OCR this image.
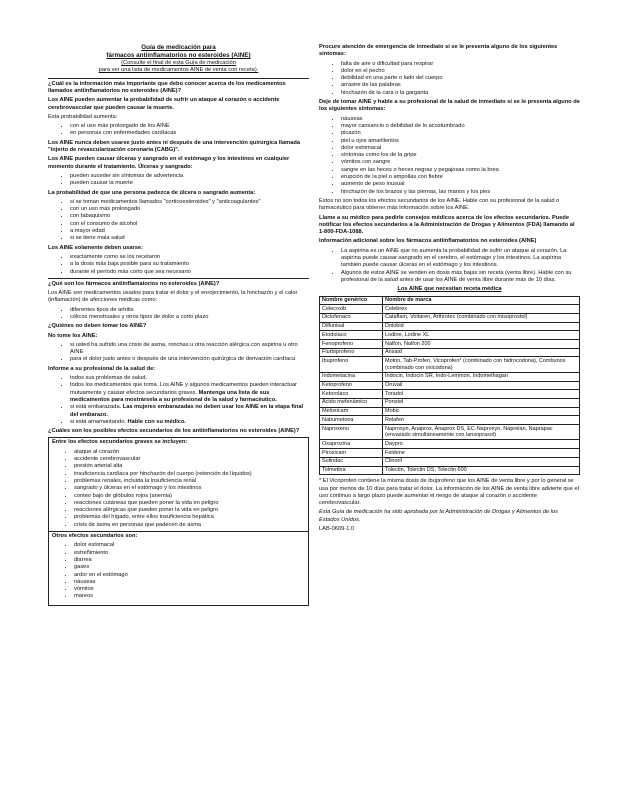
Guía de medicación para
fármacos antiinflamatorios no esteroides (AINE)
(Consulte el final de esta Guía de medicación
para ver una lista de medicamentos AINE de venta con receta).

¿Cuál es la información más importante que debo conocer acerca de los medicamentos llamados antiinflamatorios no esteroides (AINE)?

Los AINE pueden aumentar la probabilidad de sufrir un ataque al corazón o accidente cerebrovascular que pueden causar la muerte.

Esta probabilidad aumenta:

• con el uso más prolongado de los AINE
• en personas con enfermedades cardíacas

Los AINE nunca deben usarse justo antes ni después de una intervención quirúrgica llamada "injerto de revascularización coronaria (CABG)".

Los AINE pueden causar úlceras y sangrado en el estómago y los intestinos en cualquier momento durante el tratamiento. Úlceras y sangrado:

• pueden suceder sin síntomas de advertencia
• pueden causar la muerte

La probabilidad de que una persona padezca de úlcera o sangrado aumenta:

• si se toman medicamentos llamados "corticoesteroides" y "anticoagulantes"
• con un uso más prolongado
• con tabaquismo
• con el consumo de alcohol
• a mayor edad
• si se tiene mala salud

Los AINE solamente deben usarse:

• exactamente como se los recetaron
• a la dosis más baja posible para su tratamiento
• durante el período más corto que sea necesario

¿Qué son los fármacos antiinflamatorios no esteroides (AINE)?

Los AINE son medicamentos usados para tratar el dolor y el enrojecimiento, la hinchazón y el calor (inflamación) de afecciones médicas como:

• diferentes tipos de artritis
• cólicos menstruales y otros tipos de dolor a corto plazo

¿Quiénes no deben tomar los AINE?

No tome los AINE:

• si usted ha sufrido una crisis de asma, ronchas u otra reacción alérgica con aspirina u otro AINE
• para el dolor justo antes o después de una intervención quirúrgica de derivación cardíaca

Informe a su profesional de la salud de:

• todos sus problemas de salud.
• todos los medicamentos que toma. Los AINE y algunos medicamentos pueden interactuar mutuamente y causar efectos secundarios graves. Mantenga una lista de sus medicamentos para mostrársela a su profesional de la salud y farmacéutico.
• si está embarazada. Las mujeres embarazadas no deben usar los AINE en la etapa final del embarazo.
• si está amamantando. Hable con su médico.

¿Cuáles son los posibles efectos secundarios de los antiinflamatorios no esteroides (AINE)?

Entre los efectos secundarios graves se incluyen:

• ataque al corazón
• accidente cerebrovascular
• presión arterial alta
• insuficiencia cardíaca por hinchazón del cuerpo (retención de líquidos)
• problemas renales, incluida la insuficiencia renal
• sangrado y úlceras en el estómago y los intestinos
• conteo bajo de glóbulos rojos (anemia)
• reacciones cutáneas que pueden poner la vida en peligro
• reacciones alérgicas que pueden poner la vida en peligro
• problemas del hígado, entre ellos insuficiencia hepática
• crisis de asma en personas que padecen de asma

Otros efectos secundarios son:

• dolor estomacal
• estreñimiento
• diarrea
• gases
• ardor en el estómago
• náuseas
• vómitos
• mareos

Procure atención de emergencia de inmediato si se le presenta alguno de los siguientes síntomas:

• falta de aire o dificultad para respirar
• dolor en el pecho
• debilidad en una parte o lado del cuerpo
• arrastre de las palabras
• hinchazón de la cara o la garganta

Deje de tomar AINE y hable a su profesional de la salud de inmediato si se le presenta alguno de los siguientes síntomas:

• náuseas
• mayor cansancio o debilidad de lo acostumbrado
• picazón
• piel u ojos amarillentos
• dolor estomacal
• síntomas como los de la gripe
• vómitos con sangre
• sangre en las heces o heces negras y pegajosas como la brea
• erupción de la piel o ampollas con fiebre
• aumento de peso inusual
• hinchazón de los brazos y las piernas, las manos y los pies

Estos no son todos los efectos secundarios de los AINE. Hable con su profesional de la salud o farmacéutico para obtener más información sobre los AINE.

Llame a su médico para pedirle consejos médicos acerca de los efectos secundarios. Puede notificar los efectos secundarios a la Administración de Drogas y Alimentos (FDA) llamando al 1-800-FDA-1088.

Información adicional sobre los fármacos antiinflamatorios no esteroides (AINE)

• La aspirina es un AINE que no aumenta la probabilidad de sufrir un ataque al corazón. La aspirina puede causar sangrado en el cerebro, el estómago y los intestinos. La aspirina también puede causar úlceras en el estómago y los intestinos.
• Algunos de estos AINE se venden en dosis más bajas sin receta (venta libre). Hable con su profesional de la salud antes de usar los AINE de venta libre durante más de 10 días.
Los AINE que necesitan receta médica
Nombre genérico	Nombre de marca
Celecoxib	Celebrex
Diclofenaco	Cataflam, Voltaren, Arthrotec (combinado con misoprostol)
Diflunisal	Dolobid
Etodolaco	Lodine, Lodine XL
Fenoprofeno	Nalfon, Nalfon 200
Flurbiprofeno	Ansaid
Ibuprofeno	Motrin, Tab-Profen, Vicoprofen* (combinado con hidrocodona), Combunox (combinado con oxicodona)
Indometacina	Indocin, Indocin SR, Indo-Lemmon, Indomethagan
Ketoprofeno	Oruvail
Ketorolaco	Toradol
Ácido mefenámico	Ponstel
Meloxicam	Mobic
Nabumetona	Relafen
Naproxeno	Naprosyn, Anaprox, Anaprox DS, EC-Naproxyn, Naprelan, Naprapac (envasado simultáneamente con lansoprasol)
Oxaprozina	Daypro
Piroxicam	Feldene
Sulindac	Clinoril
Tolmetina	Tolectin, Tolectin DS, Tolectin 600

* El Vicoprofen contiene la misma dosis de ibuprofeno que los AINE de venta libre y por lo general se usa por menos de 10 días para tratar el dolor. La información de los AINE de venta libre advierte que el uso continuo a largo plazo puede aumentar el riesgo de ataque al corazón o accidente cerebrovascular.

Esta Guía de medicación ha sido aprobada por la Administración de Drogas y Alimentos de los Estados Unidos.

LAB-0609-1.0
